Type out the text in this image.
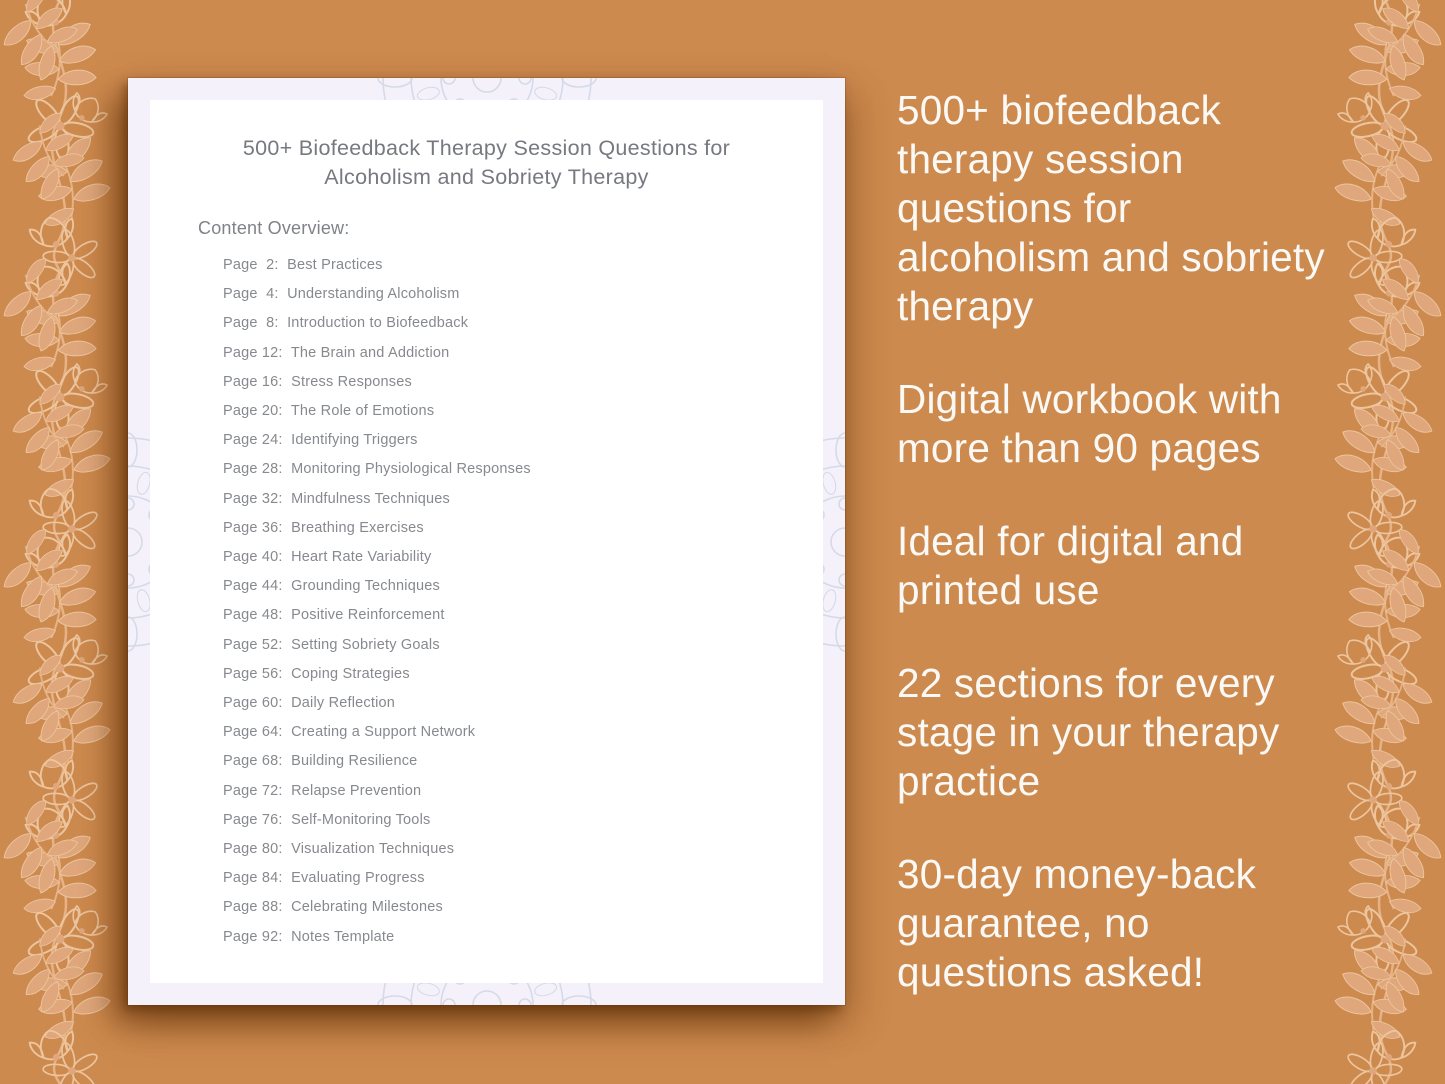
500+ Biofeedback Therapy Session Questions for Alcoholism and Sobriety Therapy
Content Overview:
Page  2:  Best Practices
Page  4:  Understanding Alcoholism
Page  8:  Introduction to Biofeedback
Page 12:  The Brain and Addiction
Page 16:  Stress Responses
Page 20:  The Role of Emotions
Page 24:  Identifying Triggers
Page 28:  Monitoring Physiological Responses
Page 32:  Mindfulness Techniques
Page 36:  Breathing Exercises
Page 40:  Heart Rate Variability
Page 44:  Grounding Techniques
Page 48:  Positive Reinforcement
Page 52:  Setting Sobriety Goals
Page 56:  Coping Strategies
Page 60:  Daily Reflection
Page 64:  Creating a Support Network
Page 68:  Building Resilience
Page 72:  Relapse Prevention
Page 76:  Self-Monitoring Tools
Page 80:  Visualization Techniques
Page 84:  Evaluating Progress
Page 88:  Celebrating Milestones
Page 92:  Notes Template

500+ biofeedback therapy session questions for alcoholism and sobriety therapy

Digital workbook with more than 90 pages

Ideal for digital and printed use

22 sections for every stage in your therapy practice

30-day money-back guarantee, no questions asked!
